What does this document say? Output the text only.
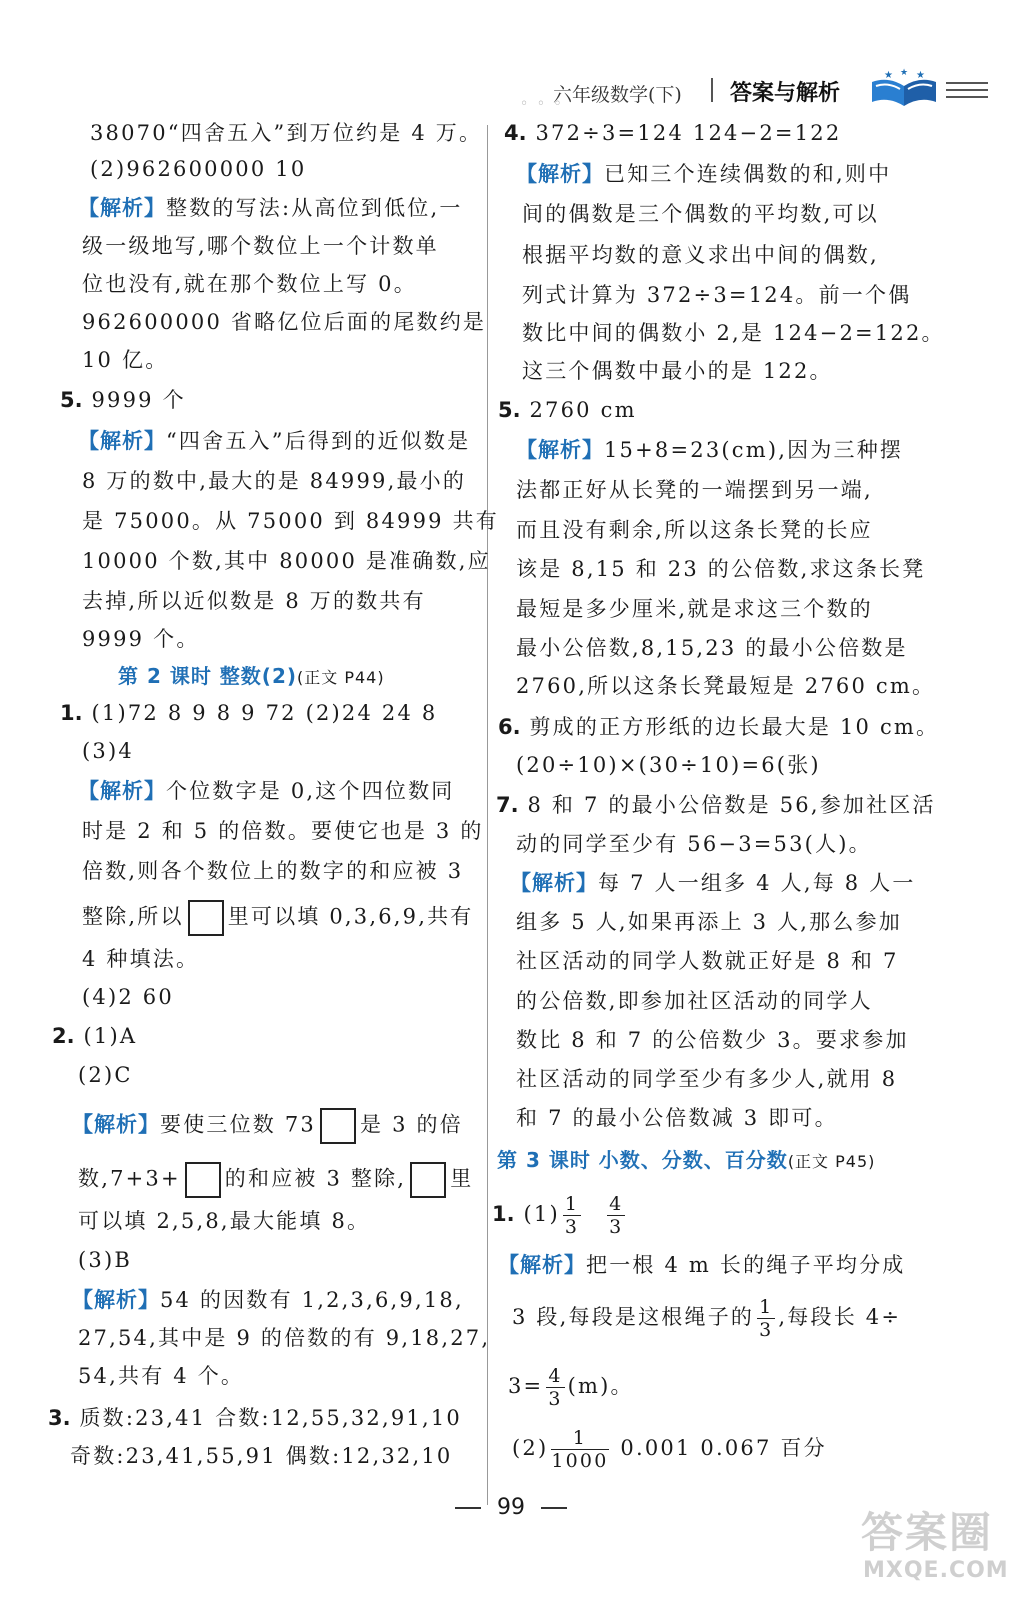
◦ ◦ ◦
六年级数学(下) 答案与解析
★ ★ ★
38070“四舍五入”到万位约是 4 万。
(2)962600000 10
【解析】整数的写法:从高位到低位,一
级一级地写,哪个数位上一个计数单
位也没有,就在那个数位上写 0。
962600000 省略亿位后面的尾数约是
10 亿。
5. 9999 个
【解析】“四舍五入”后得到的近似数是
8 万的数中,最大的是 84999,最小的
是 75000。从 75000 到 84999 共有
10000 个数,其中 80000 是准确数,应
去掉,所以近似数是 8 万的数共有
9999 个。
第 2 课时 整数(2)(正文 P44)
1. (1)72 8 9 8 9 72 (2)24 24 8
(3)4
【解析】个位数字是 0,这个四位数同
时是 2 和 5 的倍数。要使它也是 3 的
倍数,则各个数位上的数字的和应被 3
整除,所以 里可以填 0,3,6,9,共有
4 种填法。
(4)2 60
2. (1)A
(2)C
【解析】要使三位数 73 是 3 的倍
数,7+3+ 的和应被 3 整除, 里
可以填 2,5,8,最大能填 8。
(3)B
【解析】54 的因数有 1,2,3,6,9,18,
27,54,其中是 9 的倍数的有 9,18,27,
54,共有 4 个。
3. 质数:23,41 合数:12,55,32,91,10
奇数:23,41,55,91 偶数:12,32,10
4. 372÷3=124 124−2=122
【解析】已知三个连续偶数的和,则中
间的偶数是三个偶数的平均数,可以
根据平均数的意义求出中间的偶数,
列式计算为 372÷3=124。前一个偶
数比中间的偶数小 2,是 124−2=122。
这三个偶数中最小的是 122。
5. 2760 cm
【解析】15+8=23(cm),因为三种摆
法都正好从长凳的一端摆到另一端,
而且没有剩余,所以这条长凳的长应
该是 8,15 和 23 的公倍数,求这条长凳
最短是多少厘米,就是求这三个数的
最小公倍数,8,15,23 的最小公倍数是
2760,所以这条长凳最短是 2760 cm。
6. 剪成的正方形纸的边长最大是 10 cm。
(20÷10)×(30÷10)=6(张)
7. 8 和 7 的最小公倍数是 56,参加社区活
动的同学至少有 56−3=53(人)。
【解析】每 7 人一组多 4 人,每 8 人一
组多 5 人,如果再添上 3 人,那么参加
社区活动的同学人数就正好是 8 和 7
的公倍数,即参加社区活动的同学人
数比 8 和 7 的公倍数少 3。要求参加
社区活动的同学至少有多少人,就用 8
和 7 的最小公倍数减 3 即可。
第 3 课时 小数、分数、百分数(正文 P45)
1. $(1) \frac{1}{3} \frac{4}{3}$
【解析】把一根 4 m 长的绳子平均分成
3 段,每段是这根绳子的 $\frac{1}{3}$ ,每段长 4÷
$3= \frac{4}{3} (m)$。
$(2) \frac{1}{1000} 0.001$ 0.067 百分
99
答案圈
MXQE.COM
